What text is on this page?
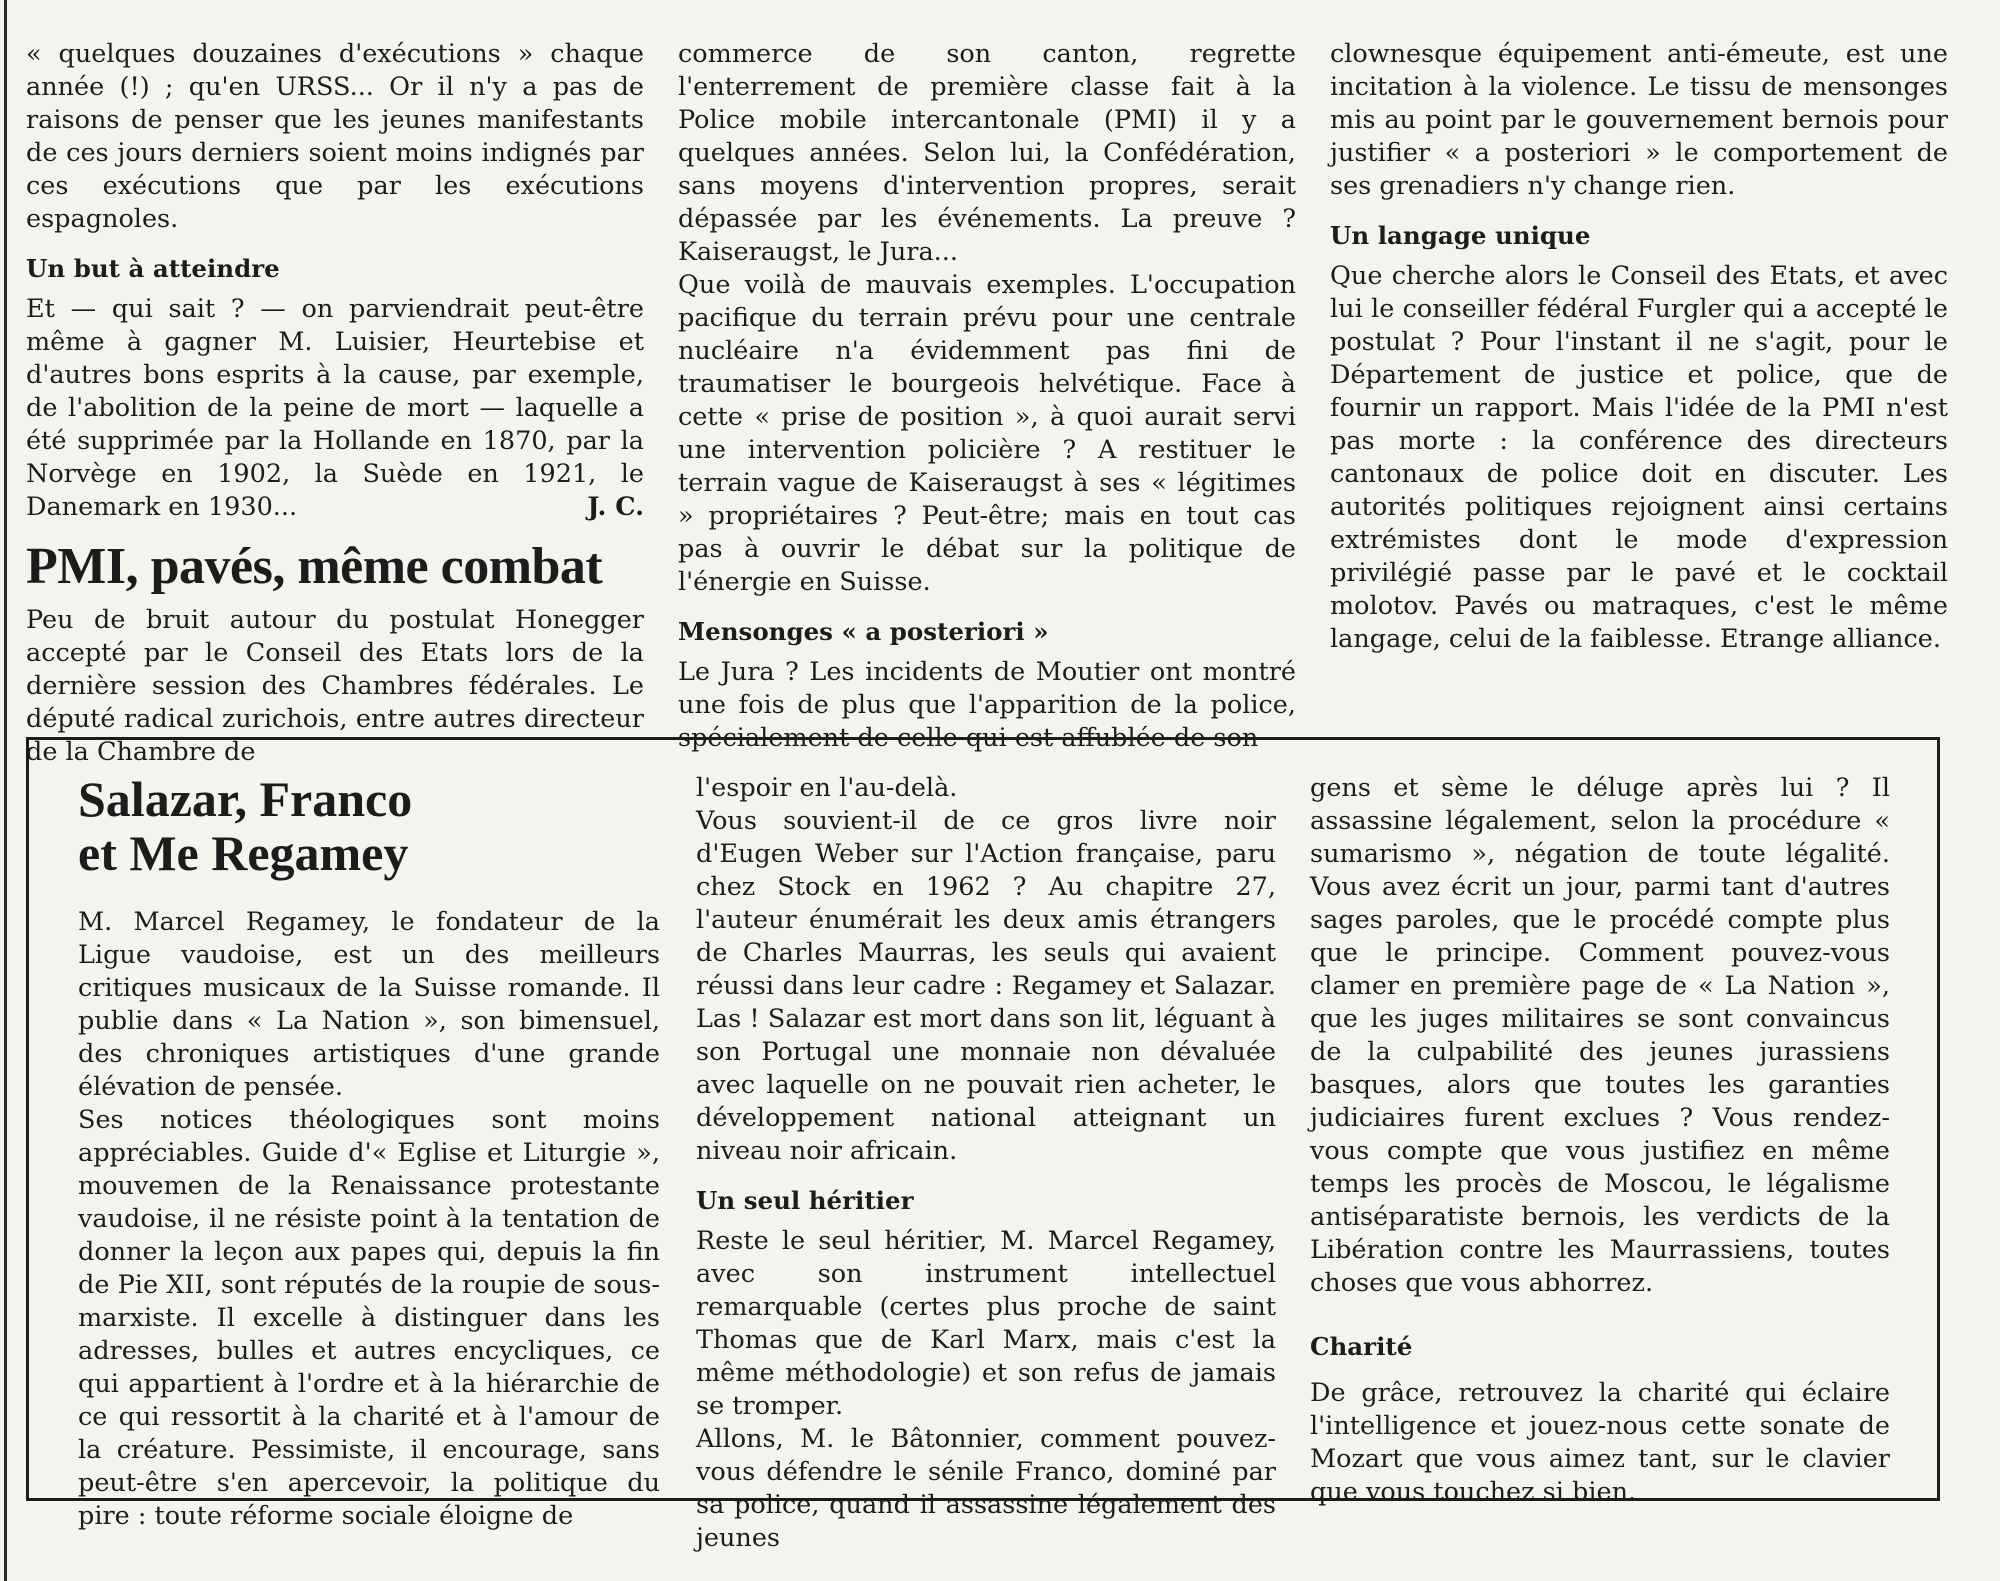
« quelques douzaines d'exécutions » chaque année (!) ; qu'en URSS... Or il n'y a pas de raisons de penser que les jeunes manifestants de ces jours derniers soient moins indignés par ces exécutions que par les exécutions espagnoles.

Un but à atteindre

Et — qui sait ? — on parviendrait peut-être même à gagner M. Luisier, Heurtebise et d'autres bons esprits à la cause, par exemple, de l'abolition de la peine de mort — laquelle a été supprimée par la Hollande en 1870, par la Norvège en 1902, la Suède en 1921, le Danemark en 1930...	J. C.

PMI, pavés, même combat

Peu de bruit autour du postulat Honegger accepté par le Conseil des Etats lors de la dernière session des Chambres fédérales. Le député radical zurichois, entre autres directeur de la Chambre de

commerce de son canton, regrette l'enterrement de première classe fait à la Police mobile intercantonale (PMI) il y a quelques années. Selon lui, la Confédération, sans moyens d'intervention propres, serait dépassée par les événements. La preuve ? Kaiseraugst, le Jura...

Que voilà de mauvais exemples. L'occupation pacifique du terrain prévu pour une centrale nucléaire n'a évidemment pas fini de traumatiser le bourgeois helvétique. Face à cette « prise de position », à quoi aurait servi une intervention policière ? A restituer le terrain vague de Kaiseraugst à ses « légitimes » propriétaires ? Peut-être; mais en tout cas pas à ouvrir le débat sur la politique de l'énergie en Suisse.

Mensonges « a posteriori »

Le Jura ? Les incidents de Moutier ont montré une fois de plus que l'apparition de la police, spécialement de celle qui est affublée de son

clownesque équipement anti-émeute, est une incitation à la violence. Le tissu de mensonges mis au point par le gouvernement bernois pour justifier « a posteriori » le comportement de ses grenadiers n'y change rien.

Un langage unique

Que cherche alors le Conseil des Etats, et avec lui le conseiller fédéral Furgler qui a accepté le postulat ? Pour l'instant il ne s'agit, pour le Département de justice et police, que de fournir un rapport. Mais l'idée de la PMI n'est pas morte : la conférence des directeurs cantonaux de police doit en discuter. Les autorités politiques rejoignent ainsi certains extrémistes dont le mode d'expression privilégié passe par le pavé et le cocktail molotov. Pavés ou matraques, c'est le même langage, celui de la faiblesse. Etrange alliance.

Salazar, Franco
et Me Regamey

M. Marcel Regamey, le fondateur de la Ligue vaudoise, est un des meilleurs critiques musicaux de la Suisse romande. Il publie dans « La Nation », son bimensuel, des chroniques artistiques d'une grande élévation de pensée.

Ses notices théologiques sont moins appréciables. Guide d'« Eglise et Liturgie », mouvemen de la Renaissance protestante vaudoise, il ne résiste point à la tentation de donner la leçon aux papes qui, depuis la fin de Pie XII, sont réputés de la roupie de sous-marxiste. Il excelle à distinguer dans les adresses, bulles et autres encycliques, ce qui appartient à l'ordre et à la hiérarchie de ce qui ressortit à la charité et à l'amour de la créature. Pessimiste, il encourage, sans peut-être s'en apercevoir, la politique du pire : toute réforme sociale éloigne de

l'espoir en l'au-delà.

Vous souvient-il de ce gros livre noir d'Eugen Weber sur l'Action française, paru chez Stock en 1962 ? Au chapitre 27, l'auteur énumérait les deux amis étrangers de Charles Maurras, les seuls qui avaient réussi dans leur cadre : Regamey et Salazar. Las ! Salazar est mort dans son lit, léguant à son Portugal une monnaie non dévaluée avec laquelle on ne pouvait rien acheter, le développement national atteignant un niveau noir africain.

Un seul héritier

Reste le seul héritier, M. Marcel Regamey, avec son instrument intellectuel remarquable (certes plus proche de saint Thomas que de Karl Marx, mais c'est la même méthodologie) et son refus de jamais se tromper.

Allons, M. le Bâtonnier, comment pouvez-vous défendre le sénile Franco, dominé par sa police, quand il assassine légalement des jeunes

gens et sème le déluge après lui ? Il assassine légalement, selon la procédure « sumarismo », négation de toute légalité. Vous avez écrit un jour, parmi tant d'autres sages paroles, que le procédé compte plus que le principe. Comment pouvez-vous clamer en première page de « La Nation », que les juges militaires se sont convaincus de la culpabilité des jeunes jurassiens basques, alors que toutes les garanties judiciaires furent exclues ? Vous rendez-vous compte que vous justifiez en même temps les procès de Moscou, le légalisme antiséparatiste bernois, les verdicts de la Libération contre les Maurrassiens, toutes choses que vous abhorrez.

Charité

De grâce, retrouvez la charité qui éclaire l'intelligence et jouez-nous cette sonate de Mozart que vous aimez tant, sur le clavier que vous touchez si bien.
